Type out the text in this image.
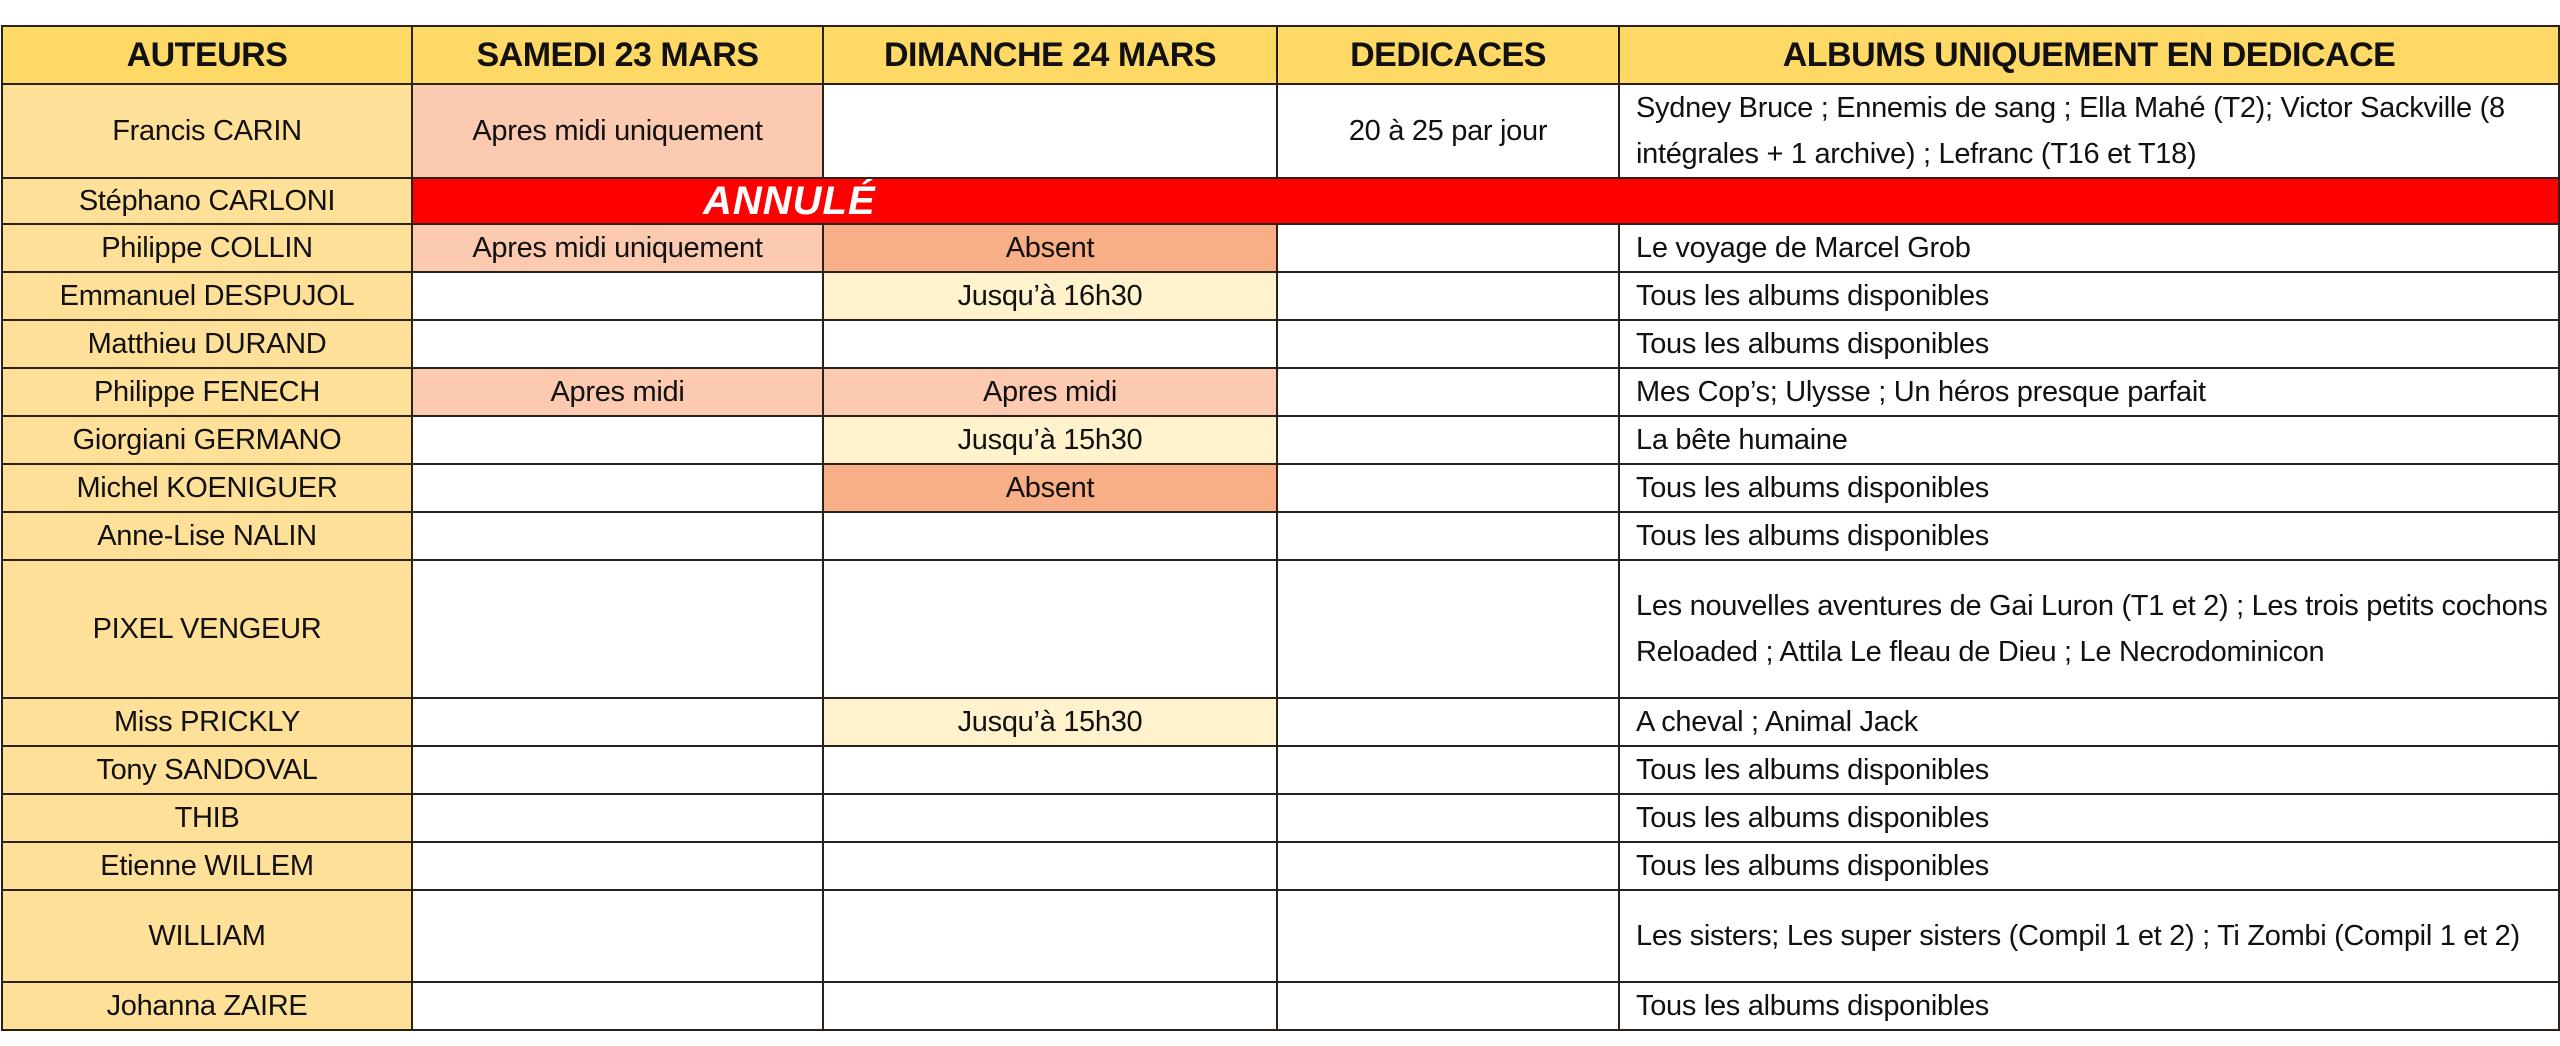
AUTEURS	SAMEDI 23 MARS	DIMANCHE 24 MARS	DEDICACES	ALBUMS UNIQUEMENT EN DEDICACE
Francis CARIN	Apres midi uniquement		20 à 25 par jour	Sydney Bruce ; Ennemis de sang ; Ella Mahé (T2); Victor Sackville (8 intégrales + 1 archive) ; Lefranc (T16 et T18)
Stéphano CARLONI	ANNULÉ			

Philippe COLLIN	Apres midi uniquement	Absent		Le voyage de Marcel Grob
Emmanuel DESPUJOL		Jusqu’à 16h30		Tous les albums disponibles
Matthieu DURAND				Tous les albums disponibles
Philippe FENECH	Apres midi	Apres midi		Mes Cop’s; Ulysse ; Un héros presque parfait
Giorgiani GERMANO		Jusqu’à 15h30		La bête humaine
Michel KOENIGUER		Absent		Tous les albums disponibles
Anne-Lise NALIN				Tous les albums disponibles
PIXEL VENGEUR				Les nouvelles aventures de Gai Luron (T1 et 2) ; Les trois petits cochons Reloaded ; Attila Le fleau de Dieu ; Le Necrodominicon
Miss PRICKLY		Jusqu’à 15h30		A cheval ; Animal Jack
Tony SANDOVAL				Tous les albums disponibles
THIB				Tous les albums disponibles
Etienne WILLEM				Tous les albums disponibles
WILLIAM				Les sisters; Les super sisters (Compil 1 et 2) ; Ti Zombi (Compil 1 et 2)
Johanna ZAIRE				Tous les albums disponibles
